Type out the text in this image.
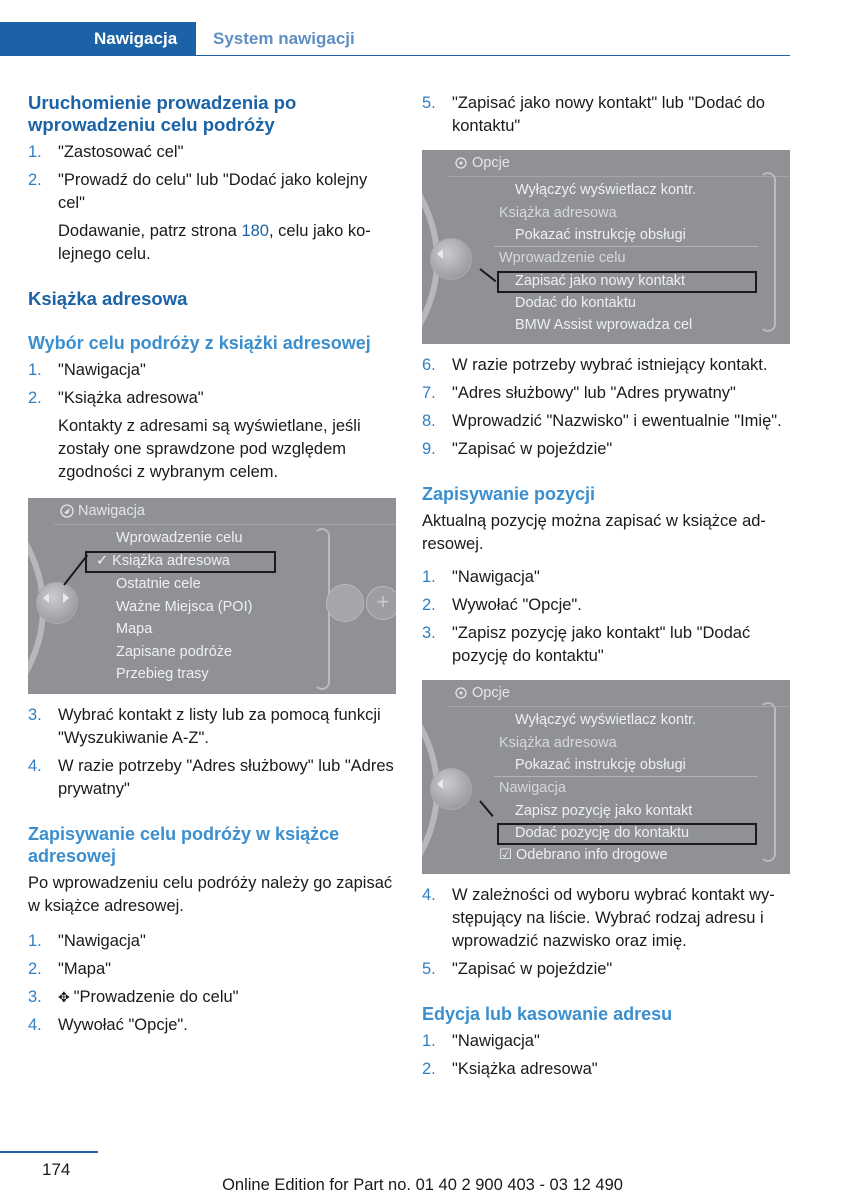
Nawigacja	System nawigacji
Uruchomienie prowadzenia po wprowadzeniu celu podróży
1. "Zastosować cel"
2. "Prowadź do celu" lub "Dodać jako kolejny cel"
Dodawanie, patrz strona 180, celu jako kolejnego celu.
Książka adresowa
Wybór celu podróży z książki adresowej
1. "Nawigacja"
2. "Książka adresowa"
Kontakty z adresami są wyświetlane, jeśli zostały one sprawdzone pod względem zgodności z wybranym celem.
Nawigacja
Wprowadzenie celu
✓ Książka adresowa
Ostatnie cele
Ważne Miejsca (POI)
Mapa
Zapisane podróże
Przebieg trasy
+
3. Wybrać kontakt z listy lub za pomocą funkcji "Wyszukiwanie A-Z".
4. W razie potrzeby "Adres służbowy" lub "Adres prywatny"
Zapisywanie celu podróży w książce adresowej
Po wprowadzeniu celu podróży należy go zapisać w książce adresowej.
1. "Nawigacja"
2. "Mapa"
3. ✥ "Prowadzenie do celu"
4. Wywołać "Opcje".
5. "Zapisać jako nowy kontakt" lub "Dodać do kontaktu"
Opcje
Wyłączyć wyświetlacz kontr.
Książka adresowa
Pokazać instrukcję obsługi
Wprowadzenie celu
Zapisać jako nowy kontakt
Dodać do kontaktu
BMW Assist wprowadza cel
6. W razie potrzeby wybrać istniejący kontakt.
7. "Adres służbowy" lub "Adres prywatny"
8. Wprowadzić "Nazwisko" i ewentualnie "Imię".
9. "Zapisać w pojeździe"
Zapisywanie pozycji
Aktualną pozycję można zapisać w książce adresowej.
1. "Nawigacja"
2. Wywołać "Opcje".
3. "Zapisz pozycję jako kontakt" lub "Dodać pozycję do kontaktu"
Opcje
Wyłączyć wyświetlacz kontr.
Książka adresowa
Pokazać instrukcję obsługi
Nawigacja
Zapisz pozycję jako kontakt
Dodać pozycję do kontaktu
☑ Odebrano info drogowe
4. W zależności od wyboru wybrać kontakt występujący na liście. Wybrać rodzaj adresu i wprowadzić nazwisko oraz imię.
5. "Zapisać w pojeździe"
Edycja lub kasowanie adresu
1. "Nawigacja"
2. "Książka adresowa"
174
Online Edition for Part no. 01 40 2 900 403 - 03 12 490
